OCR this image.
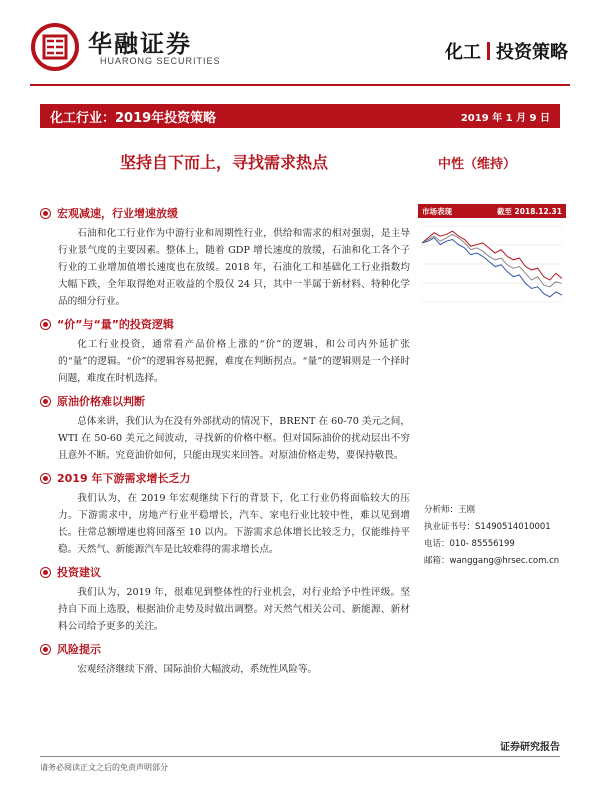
华融证券
HUARONG SECURITIES	化工 投资策略
化工行业：2019年投资策略	2019 年 1 月 9 日
坚持自下而上，寻找需求热点	中性（维持）
宏观减速，行业增速放缓
石油和化工行业作为中游行业和周期性行业，供给和需求的相对强弱，是主导行业景气度的主要因素。整体上，随着 GDP 增长速度的放缓，石油和化工各个子行业的工业增加值增长速度也在放缓。2018 年，石油化工和基础化工行业指数均大幅下跌，全年取得绝对正收益的个股仅 24 只，其中一半属于新材料、特种化学品的细分行业。
“价”与“量”的投资逻辑
化工行业投资，通常看产品价格上涨的“价”的逻辑，和公司内外延扩张的“量”的逻辑。“价”的逻辑容易把握，难度在判断拐点。“量”的逻辑则是一个择时问题，难度在时机选择。
原油价格难以判断
总体来讲，我们认为在没有外部扰动的情况下，BRENT 在 60-70 美元之间，WTI 在 50-60 美元之间波动，寻找新的价格中枢。但对国际油价的扰动层出不穷且意外不断。究竟油价如何，只能由现实来回答。对原油价格走势，要保持敬畏。
2019 年下游需求增长乏力
我们认为，在 2019 年宏观继续下行的背景下，化工行业仍将面临较大的压力。下游需求中，房地产行业平稳增长，汽车、家电行业比较中性，难以见到增长。往常总额增速也将回落至 10 以内。下游需求总体增长比较乏力，仅能维持平稳。天然气、新能源汽车是比较难得的需求增长点。
投资建议
我们认为，2019 年，很难见到整体性的行业机会，对行业给予中性评级。坚持自下而上选股，根据油价走势及时做出调整。对天然气相关公司、新能源、新材料公司给予更多的关注。
风险提示
宏观经济继续下滑、国际油价大幅波动，系统性风险等。
市场表现	截至 2018.12.31
分析师：王刚
执业证书号：S1490514010001
电话：010- 85556199
邮箱：wanggang@hrsec.com.cn
证券研究报告
请务必阅读正文之后的免责声明部分
